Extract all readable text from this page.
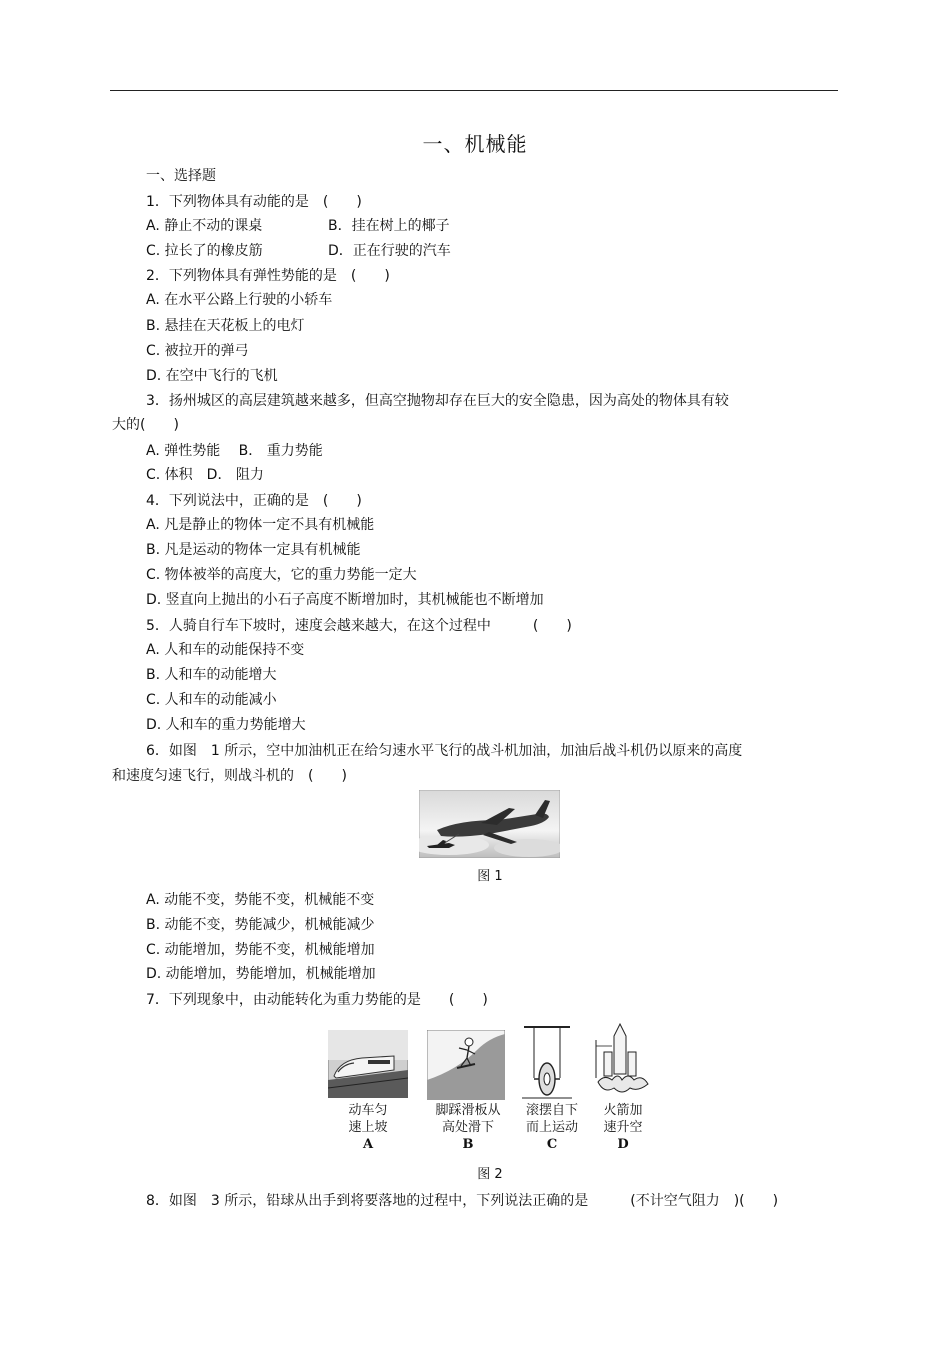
一、机械能
一、选择题
1．下列物体具有动能的是　(　　)
A. 静止不动的课桌	B．挂在树上的椰子
C. 拉长了的橡皮筋	D．正在行驶的汽车
2．下列物体具有弹性势能的是　(　　)
A. 在水平公路上行驶的小轿车
B. 悬挂在天花板上的电灯
C. 被拉开的弹弓
D. 在空中飞行的飞机
3．扬州城区的高层建筑越来越多，但高空抛物却存在巨大的安全隐患，因为高处的物体具有较
大的(　　)
A. 弹性势能　 B． 重力势能
C. 体积　D． 阻力
4．下列说法中，正确的是　(　　)
A. 凡是静止的物体一定不具有机械能
B. 凡是运动的物体一定具有机械能
C. 物体被举的高度大，它的重力势能一定大
D. 竖直向上抛出的小石子高度不断增加时，其机械能也不断增加
5．人骑自行车下坡时，速度会越来越大，在这个过程中　　　(　　)
A. 人和车的动能保持不变
B. 人和车的动能增大
C. 人和车的动能减小
D. 人和车的重力势能增大
6．如图　1 所示，空中加油机正在给匀速水平飞行的战斗机加油，加油后战斗机仍以原来的高度
和速度匀速飞行，则战斗机的　(　　)
图 1
A. 动能不变，势能不变，机械能不变
B. 动能不变，势能减少，机械能减少
C. 动能增加，势能不变，机械能增加
D. 动能增加，势能增加，机械能增加
7．下列现象中，由动能转化为重力势能的是　　(　　)
动车匀
速上坡
A
脚踩滑板从
高处滑下
B
滚摆自下
而上运动
C
火箭加
速升空
D
图 2
8．如图　3 所示，铅球从出手到将要落地的过程中，下列说法正确的是　　　(不计空气阻力　)(　　)
